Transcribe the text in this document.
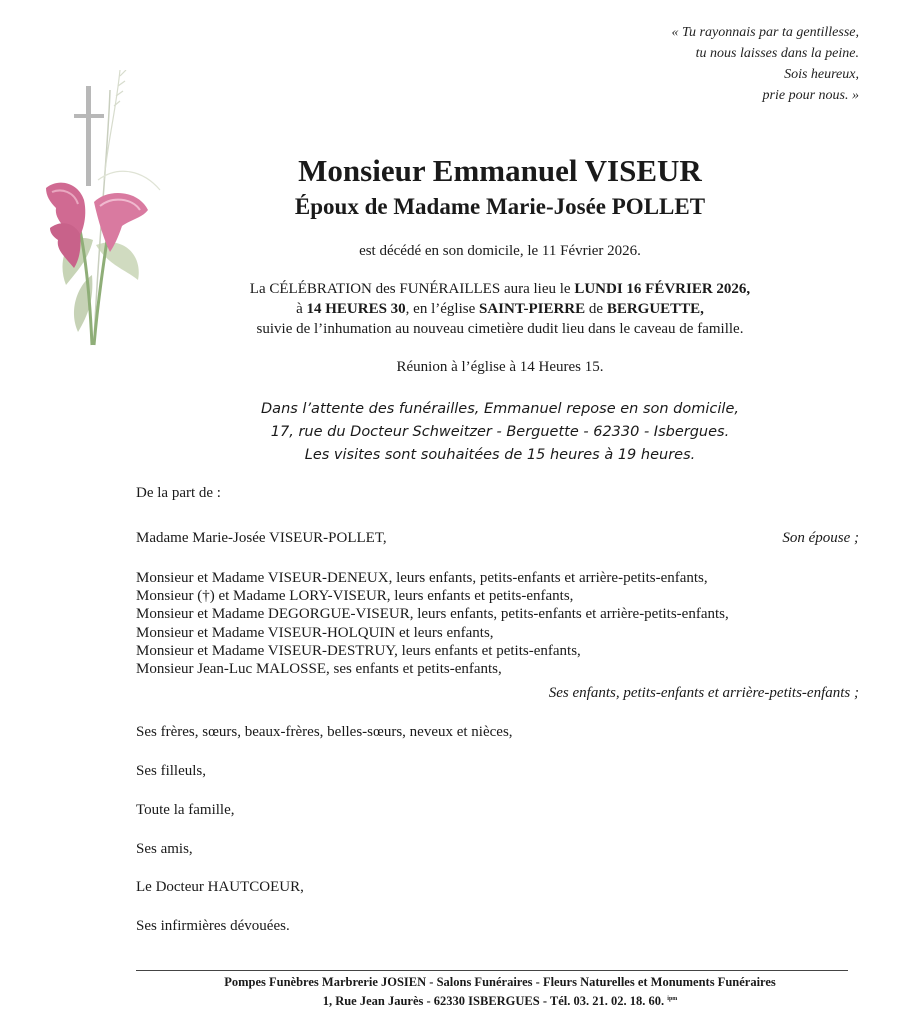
« Tu rayonnais par ta gentillesse,
tu nous laisses dans la peine.
Sois heureux,
prie pour nous. »
Monsieur Emmanuel VISEUR
Époux de Madame Marie-Josée POLLET
est décédé en son domicile, le 11 Février 2026.
La CÉLÉBRATION des FUNÉRAILLES aura lieu le LUNDI 16 FÉVRIER 2026,
à 14 HEURES 30, en l’église SAINT-PIERRE de BERGUETTE,
suivie de l’inhumation au nouveau cimetière dudit lieu dans le caveau de famille.
Réunion à l’église à 14 Heures 15.
Dans l’attente des funérailles, Emmanuel repose en son domicile,
17, rue du Docteur Schweitzer - Berguette - 62330 - Isbergues.
Les visites sont souhaitées de 15 heures à 19 heures.
De la part de :
Madame Marie-Josée VISEUR-POLLET,	Son épouse ;
Monsieur et Madame VISEUR-DENEUX, leurs enfants, petits-enfants et arrière-petits-enfants,
Monsieur (†) et Madame LORY-VISEUR, leurs enfants et petits-enfants,
Monsieur et Madame DEGORGUE-VISEUR, leurs enfants, petits-enfants et arrière-petits-enfants,
Monsieur et Madame VISEUR-HOLQUIN et leurs enfants,
Monsieur et Madame VISEUR-DESTRUY, leurs enfants et petits-enfants,
Monsieur Jean-Luc MALOSSE, ses enfants et petits-enfants,
Ses enfants, petits-enfants et arrière-petits-enfants ;
Ses frères, sœurs, beaux-frères, belles-sœurs, neveux et nièces,
Ses filleuls,
Toute la famille,
Ses amis,
Le Docteur HAUTCOEUR,
Ses infirmières dévouées.
Pompes Funèbres Marbrerie JOSIEN - Salons Funéraires - Fleurs Naturelles et Monuments Funéraires
1, Rue Jean Jaurès - 62330 ISBERGUES - Tél. 03. 21. 02. 18. 60. $^{ipm}$
